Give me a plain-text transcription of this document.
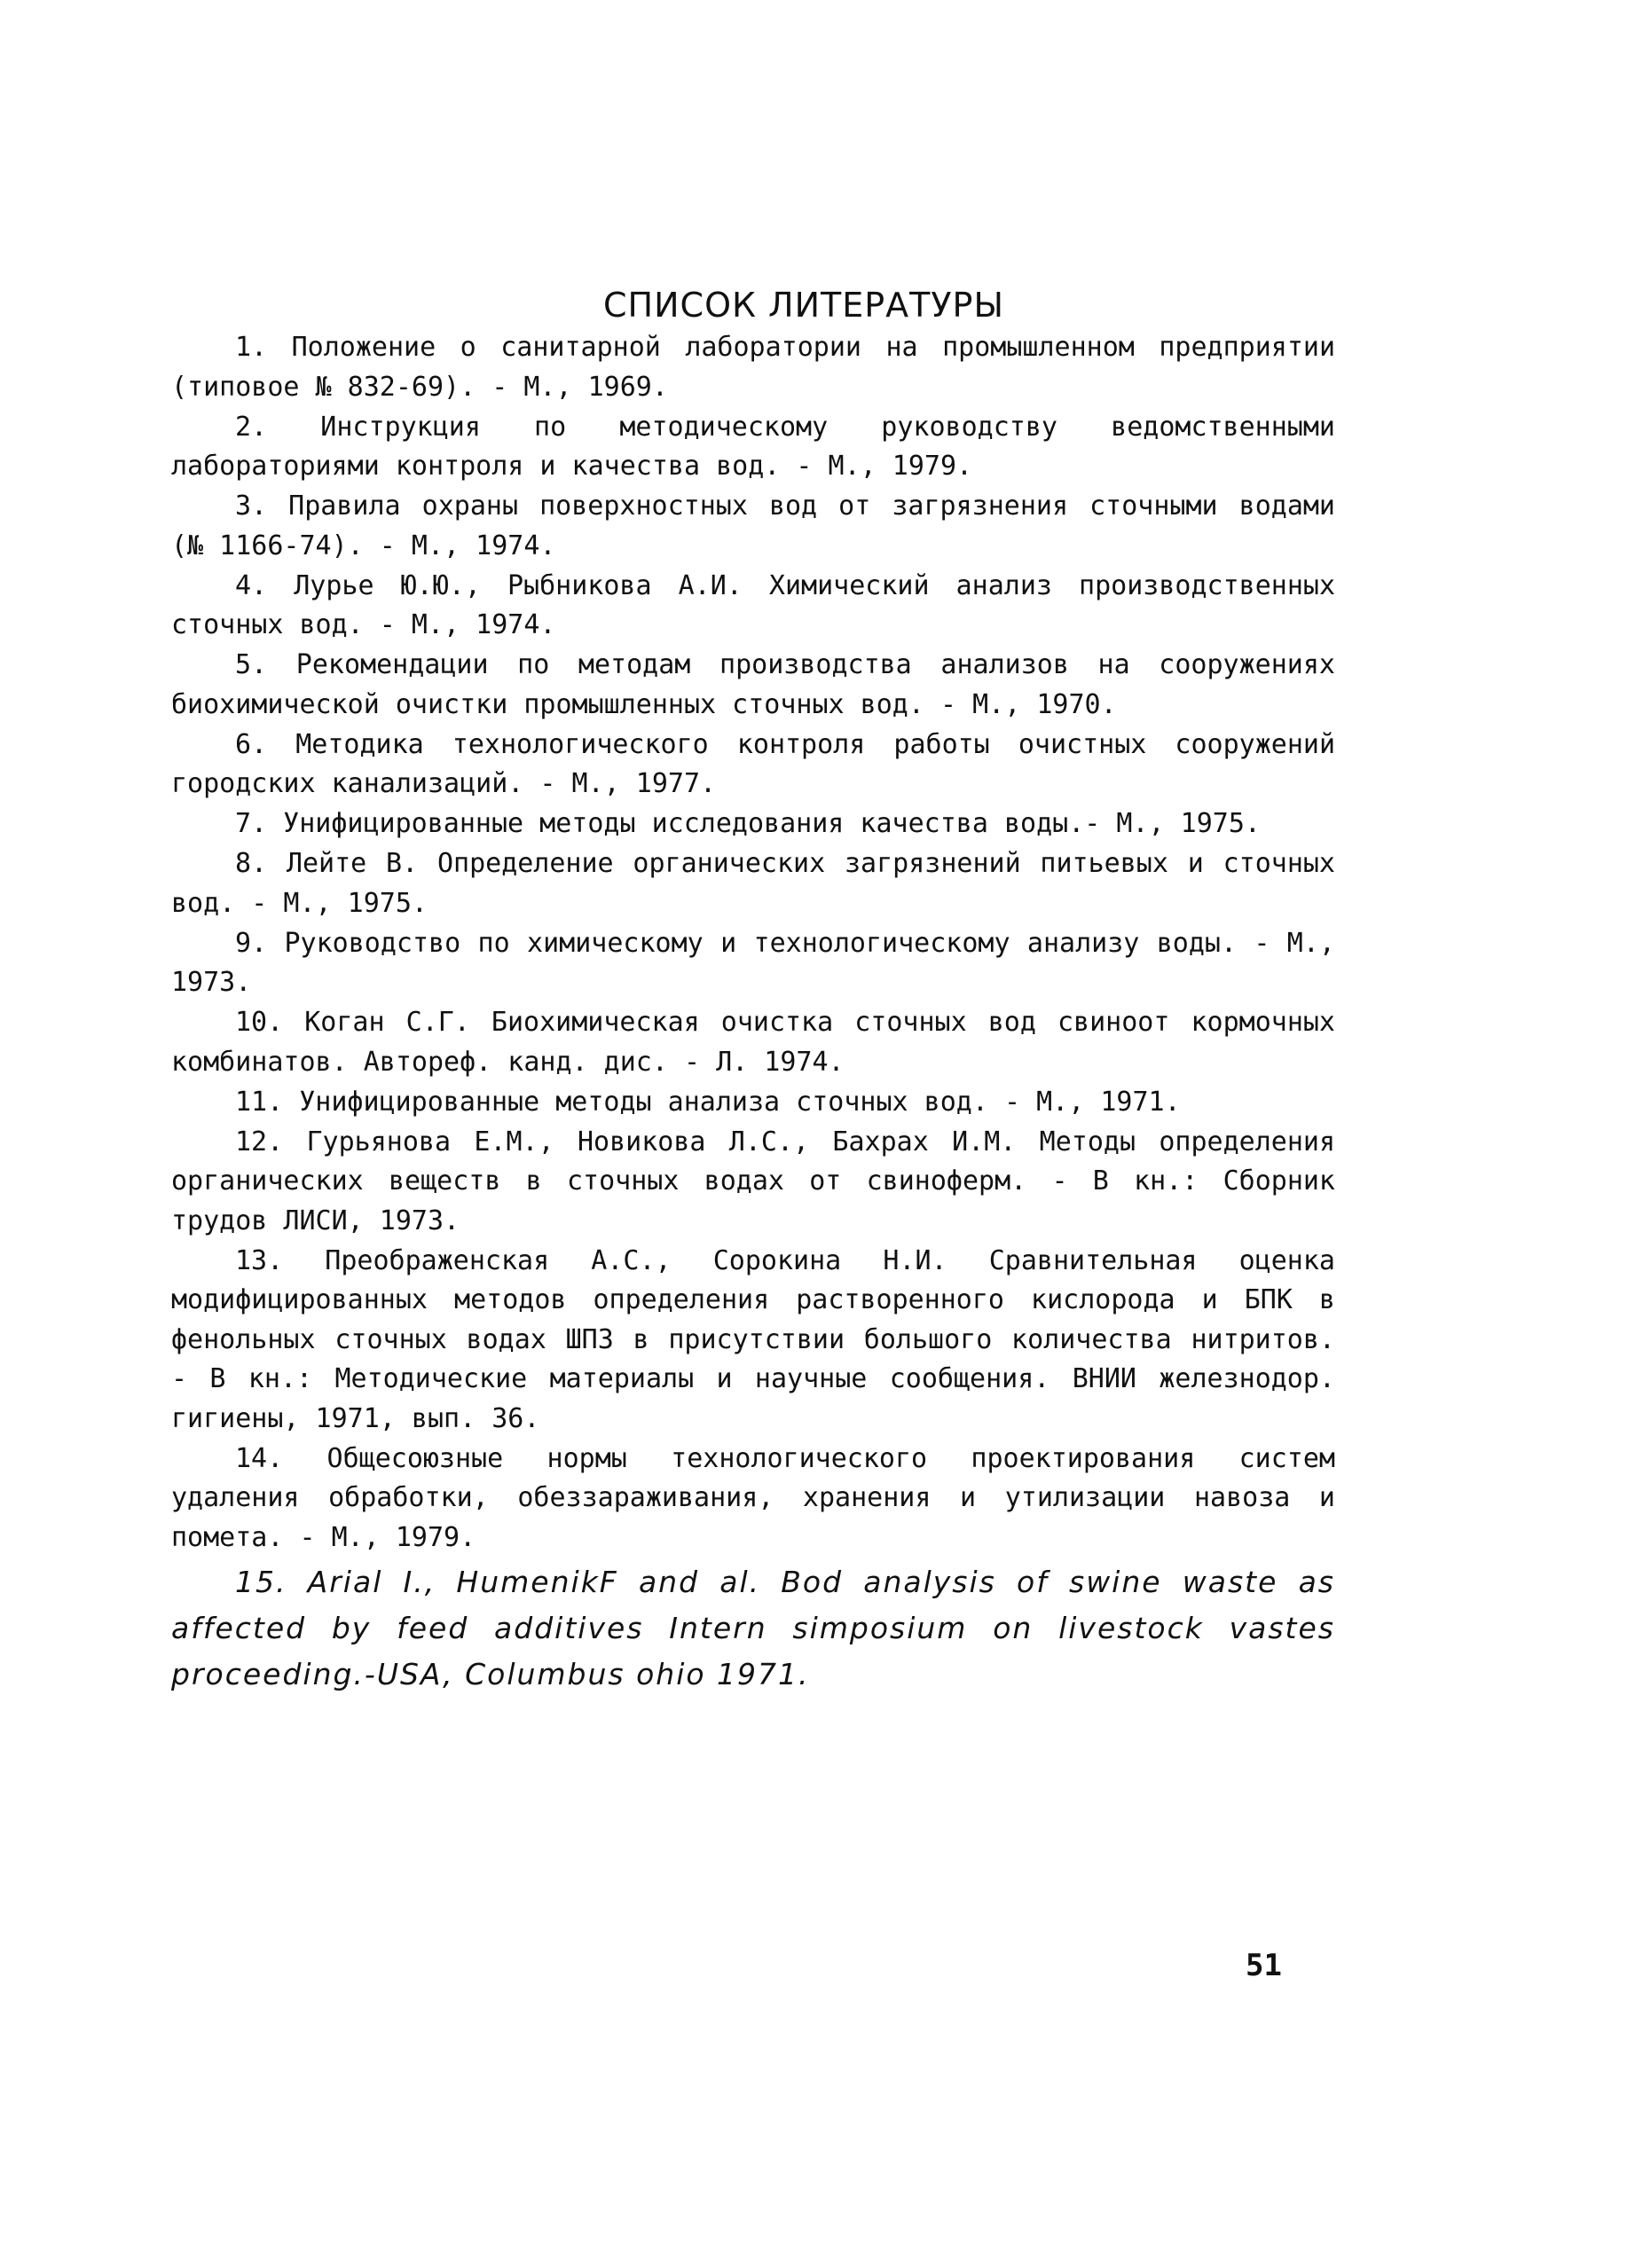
СПИСОК ЛИТЕРАТУРЫ

1. Положение о санитарной лаборатории на промышленном предприятии (типовое № 832-69). - М., 1969.

2. Инструкция по методическому руководству ведомственными лабораториями контроля и качества вод. - М., 1979.

3. Правила охраны поверхностных вод от загрязнения сточными водами (№ 1166-74). - М., 1974.

4. Лурье Ю.Ю., Рыбникова А.И. Химический анализ производственных сточных вод. - М., 1974.

5. Рекомендации по методам производства анализов на сооружениях биохимической очистки промышленных сточных вод. - М., 1970.

6. Методика технологического контроля работы очистных сооружений городских канализаций. - М., 1977.

7. Унифицированные методы исследования качества воды.- М., 1975.

8. Лейте В. Определение органических загрязнений питьевых и сточных вод. - М., 1975.

9. Руководство по химическому и технологическому анализу воды. - М., 1973.

10. Коган С.Г. Биохимическая очистка сточных вод свиноот кормочных комбинатов. Автореф. канд. дис. - Л. 1974.

11. Унифицированные методы анализа сточных вод. - М., 1971.

12. Гурьянова Е.М., Новикова Л.С., Бахрах И.М. Методы определения органических веществ в сточных водах от свиноферм. - В кн.: Сборник трудов ЛИСИ, 1973.

13. Преображенская А.С., Сорокина Н.И. Сравнительная оценка модифицированных методов определения растворенного кислорода и БПК в фенольных сточных водах ШПЗ в присутствии большого количества нитритов. - В кн.: Методические материалы и научные сообщения. ВНИИ железнодор. гигиены, 1971, вып. 36.

14. Общесоюзные нормы технологического проектирования систем удаления обработки, обеззараживания, хранения и утилизации навоза и помета. - М., 1979.

15. Arial I., HumenikF and al. Bod analysis of swine waste as affected by feed additives Intern simposium on livestock vastes proceeding.-USA, Columbus ohio 1971.

51
